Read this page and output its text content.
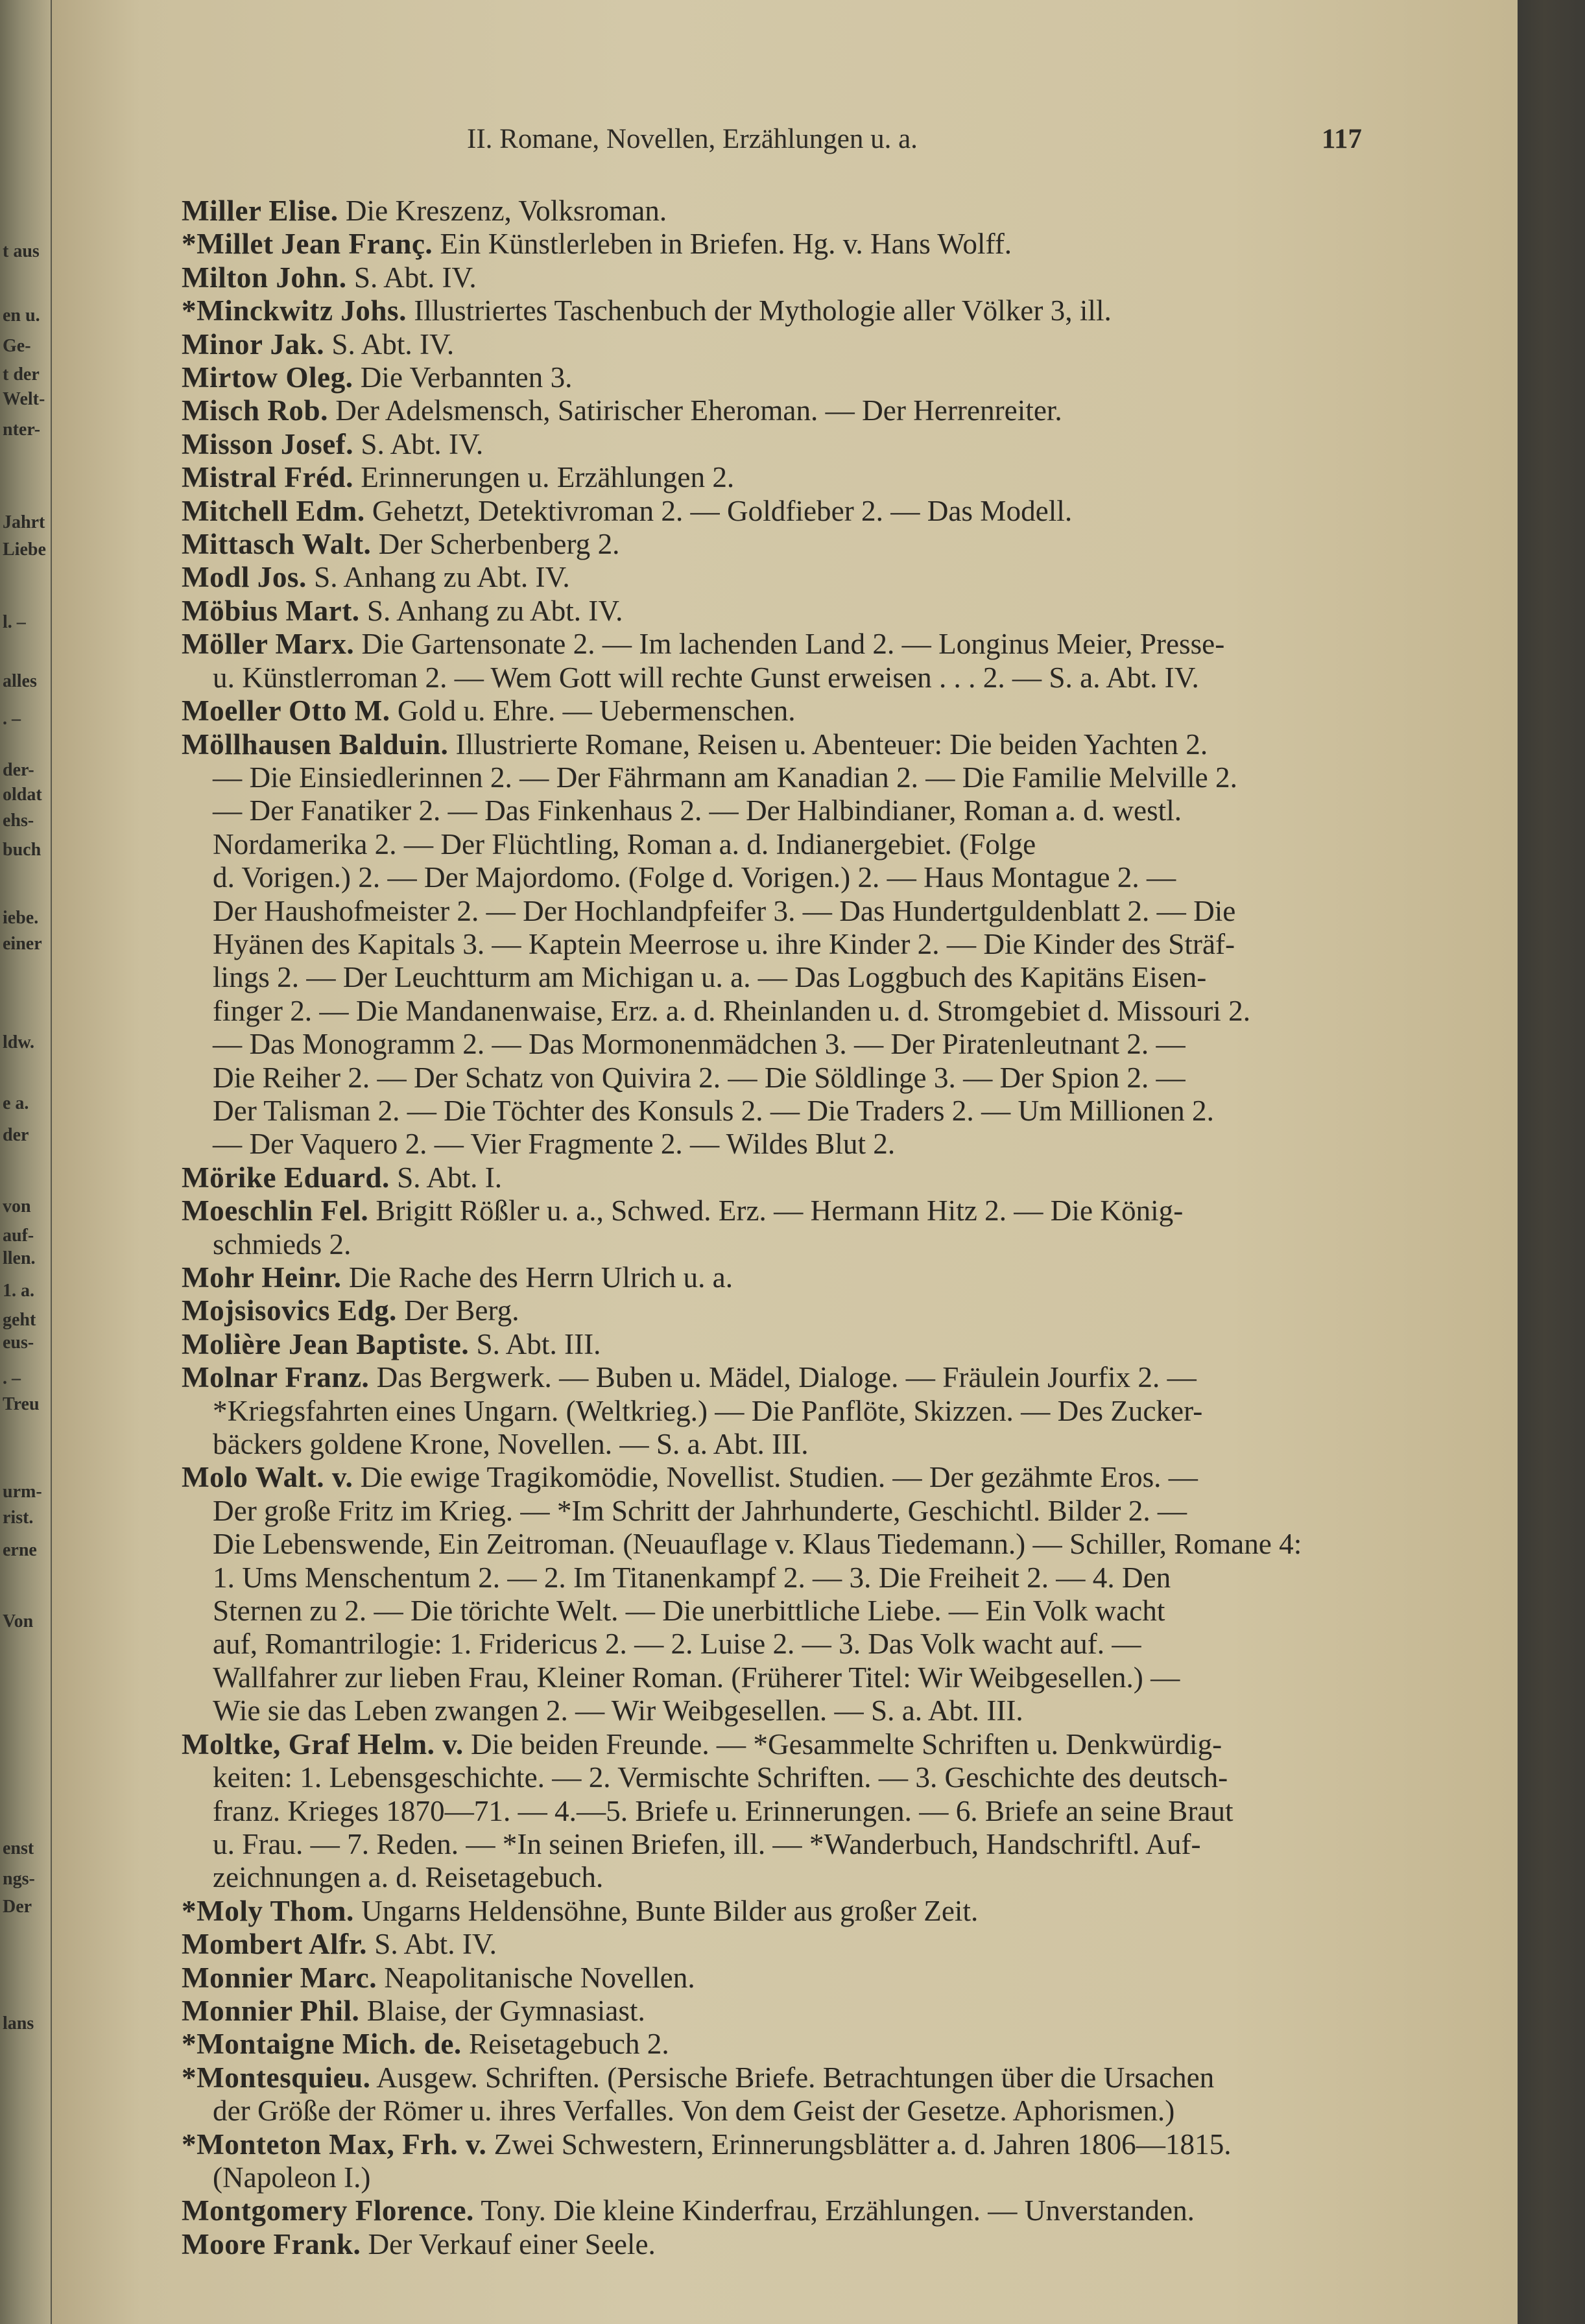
t aus
en u.
Ge-
t der
Welt-
nter-
Jahrt
Liebe
l. –
alles
. –
der-
oldat
ehs-
buch
iebe.
einer
ldw.
e a.
der
von
auf-
llen.
1. a.
geht
eus-
. –
Treu
urm-
rist.
erne
Von
enst
ngs-
Der
lans
II. Romane, Novellen, Erzählungen u. a.	117
Miller Elise. Die Kreszenz, Volksroman.
*Millet Jean Franç. Ein Künstlerleben in Briefen. Hg. v. Hans Wolff.
Milton John. S. Abt. IV.
*Minckwitz Johs. Illustriertes Taschenbuch der Mythologie aller Völker 3, ill.
Minor Jak. S. Abt. IV.
Mirtow Oleg. Die Verbannten 3.
Misch Rob. Der Adelsmensch, Satirischer Eheroman. — Der Herrenreiter.
Misson Josef. S. Abt. IV.
Mistral Fréd. Erinnerungen u. Erzählungen 2.
Mitchell Edm. Gehetzt, Detektivroman 2. — Goldfieber 2. — Das Modell.
Mittasch Walt. Der Scherbenberg 2.
Modl Jos. S. Anhang zu Abt. IV.
Möbius Mart. S. Anhang zu Abt. IV.
Möller Marx. Die Gartensonate 2. — Im lachenden Land 2. — Longinus Meier, Presse-
u. Künstlerroman 2. — Wem Gott will rechte Gunst erweisen . . . 2. — S. a. Abt. IV.
Moeller Otto M. Gold u. Ehre. — Uebermenschen.
Möllhausen Balduin. Illustrierte Romane, Reisen u. Abenteuer: Die beiden Yachten 2.
— Die Einsiedlerinnen 2. — Der Fährmann am Kanadian 2. — Die Familie Melville 2.
— Der Fanatiker 2. — Das Finkenhaus 2. — Der Halbindianer, Roman a. d. westl.
Nordamerika 2. — Der Flüchtling, Roman a. d. Indianergebiet. (Folge
d. Vorigen.) 2. — Der Majordomo. (Folge d. Vorigen.) 2. — Haus Montague 2. —
Der Haushofmeister 2. — Der Hochlandpfeifer 3. — Das Hundertguldenblatt 2. — Die
Hyänen des Kapitals 3. — Kaptein Meerrose u. ihre Kinder 2. — Die Kinder des Sträf-
lings 2. — Der Leuchtturm am Michigan u. a. — Das Loggbuch des Kapitäns Eisen-
finger 2. — Die Mandanenwaise, Erz. a. d. Rheinlanden u. d. Stromgebiet d. Missouri 2.
— Das Monogramm 2. — Das Mormonenmädchen 3. — Der Piratenleutnant 2. —
Die Reiher 2. — Der Schatz von Quivira 2. — Die Söldlinge 3. — Der Spion 2. —
Der Talisman 2. — Die Töchter des Konsuls 2. — Die Traders 2. — Um Millionen 2.
— Der Vaquero 2. — Vier Fragmente 2. — Wildes Blut 2.
Mörike Eduard. S. Abt. I.
Moeschlin Fel. Brigitt Rößler u. a., Schwed. Erz. — Hermann Hitz 2. — Die König-
schmieds 2.
Mohr Heinr. Die Rache des Herrn Ulrich u. a.
Mojsisovics Edg. Der Berg.
Molière Jean Baptiste. S. Abt. III.
Molnar Franz. Das Bergwerk. — Buben u. Mädel, Dialoge. — Fräulein Jourfix 2. —
*Kriegsfahrten eines Ungarn. (Weltkrieg.) — Die Panflöte, Skizzen. — Des Zucker-
bäckers goldene Krone, Novellen. — S. a. Abt. III.
Molo Walt. v. Die ewige Tragikomödie, Novellist. Studien. — Der gezähmte Eros. —
Der große Fritz im Krieg. — *Im Schritt der Jahrhunderte, Geschichtl. Bilder 2. —
Die Lebenswende, Ein Zeitroman. (Neuauflage v. Klaus Tiedemann.) — Schiller, Romane 4:
1. Ums Menschentum 2. — 2. Im Titanenkampf 2. — 3. Die Freiheit 2. — 4. Den
Sternen zu 2. — Die törichte Welt. — Die unerbittliche Liebe. — Ein Volk wacht
auf, Romantrilogie: 1. Fridericus 2. — 2. Luise 2. — 3. Das Volk wacht auf. —
Wallfahrer zur lieben Frau, Kleiner Roman. (Früherer Titel: Wir Weibgesellen.) —
Wie sie das Leben zwangen 2. — Wir Weibgesellen. — S. a. Abt. III.
Moltke, Graf Helm. v. Die beiden Freunde. — *Gesammelte Schriften u. Denkwürdig-
keiten: 1. Lebensgeschichte. — 2. Vermischte Schriften. — 3. Geschichte des deutsch-
franz. Krieges 1870—71. — 4.—5. Briefe u. Erinnerungen. — 6. Briefe an seine Braut
u. Frau. — 7. Reden. — *In seinen Briefen, ill. — *Wanderbuch, Handschriftl. Auf-
zeichnungen a. d. Reisetagebuch.
*Moly Thom. Ungarns Heldensöhne, Bunte Bilder aus großer Zeit.
Mombert Alfr. S. Abt. IV.
Monnier Marc. Neapolitanische Novellen.
Monnier Phil. Blaise, der Gymnasiast.
*Montaigne Mich. de. Reisetagebuch 2.
*Montesquieu. Ausgew. Schriften. (Persische Briefe. Betrachtungen über die Ursachen
der Größe der Römer u. ihres Verfalles. Von dem Geist der Gesetze. Aphorismen.)
*Monteton Max, Frh. v. Zwei Schwestern, Erinnerungsblätter a. d. Jahren 1806—1815.
(Napoleon I.)
Montgomery Florence. Tony. Die kleine Kinderfrau, Erzählungen. — Unverstanden.
Moore Frank. Der Verkauf einer Seele.
